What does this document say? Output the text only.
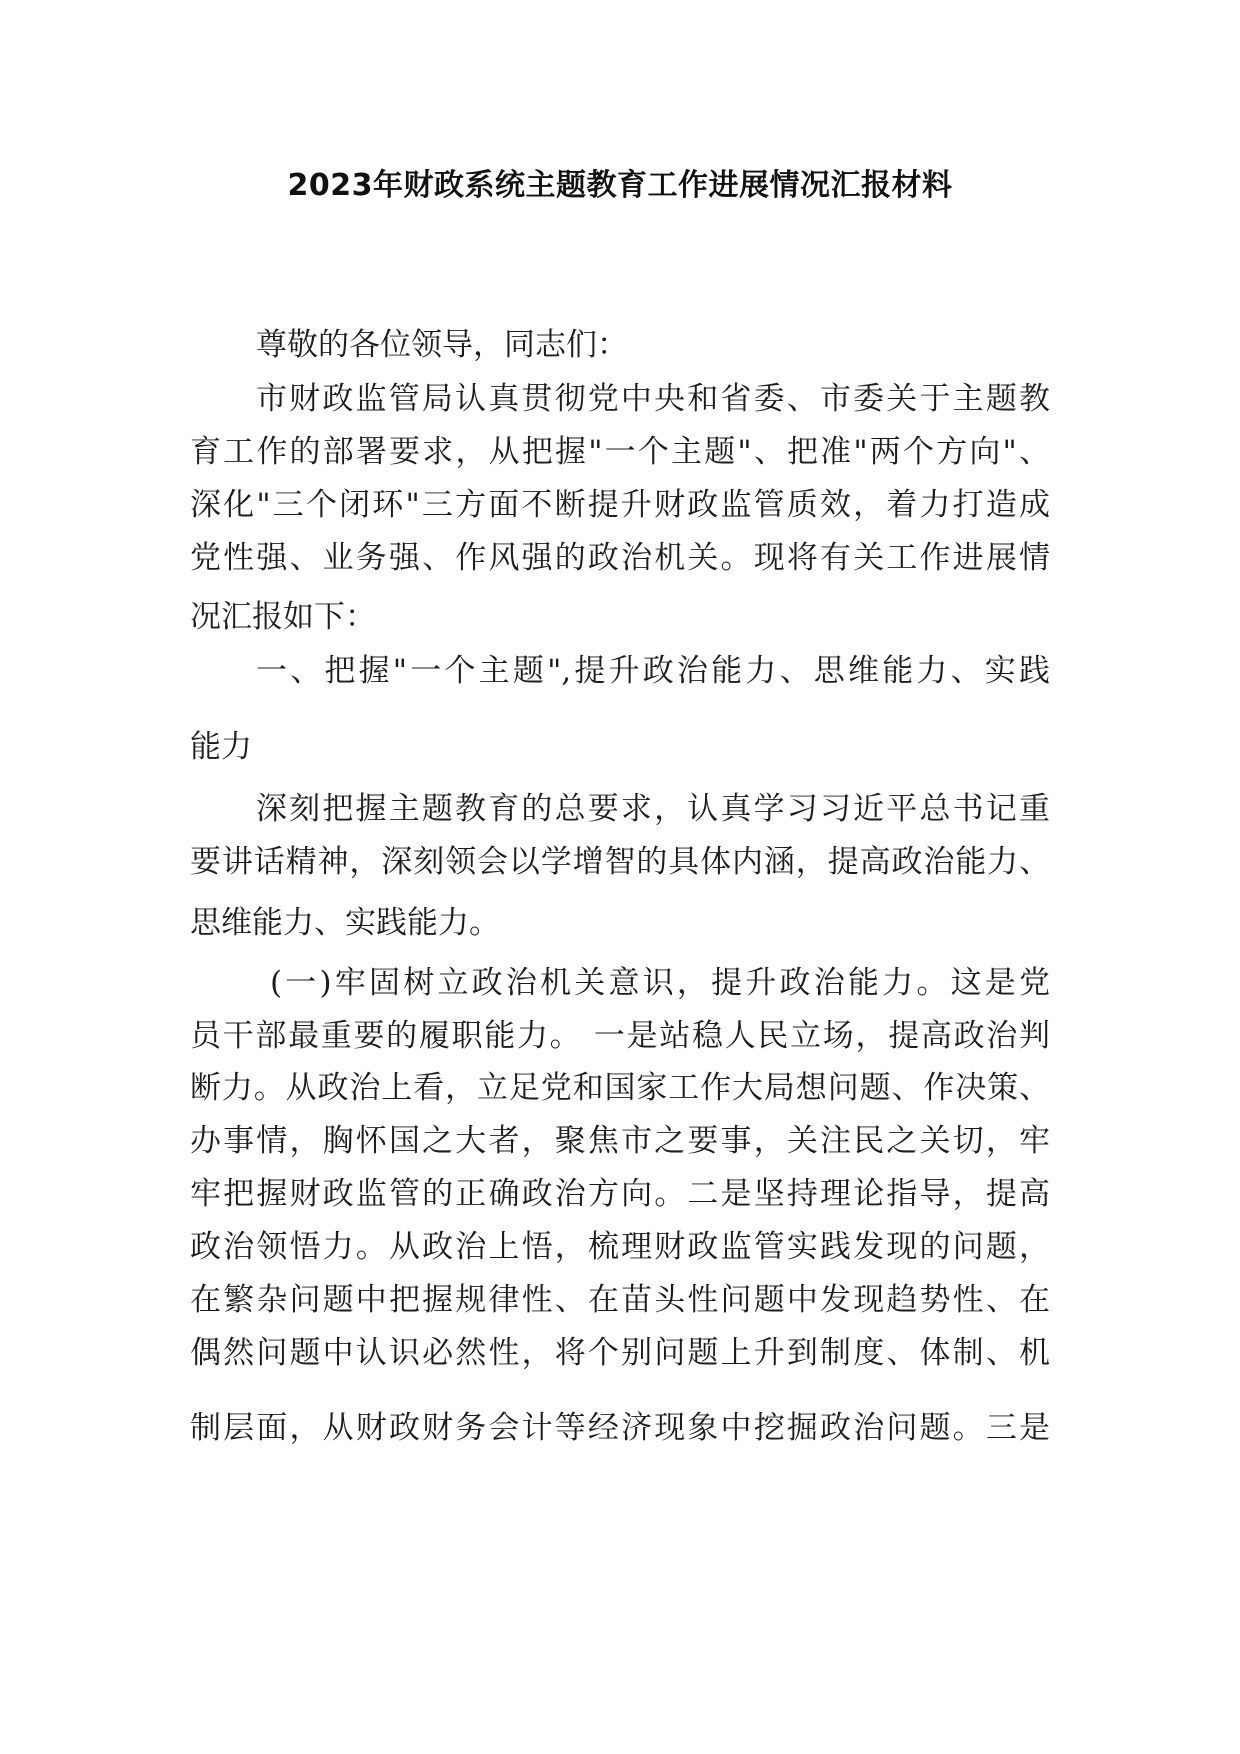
2023年财政系统主题教育工作进展情况汇报材料
尊敬的各位领导，同志们：
市财政监管局认真贯彻党中央和省委、市委关于主题教
育工作的部署要求，从把握"一个主题"、把准"两个方向"、
深化"三个闭环"三方面不断提升财政监管质效，着力打造成
党性强、业务强、作风强的政治机关。现将有关工作进展情
况汇报如下：
一、把握"一个主题",提升政治能力、思维能力、实践
能力
深刻把握主题教育的总要求，认真学习习近平总书记重
要讲话精神，深刻领会以学增智的具体内涵，提高政治能力、
思维能力、实践能力。
(一)牢固树立政治机关意识，提升政治能力。这是党
员干部最重要的履职能力。 一是站稳人民立场，提高政治判
断力。从政治上看，立足党和国家工作大局想问题、作决策、
办事情，胸怀国之大者，聚焦市之要事，关注民之关切，牢
牢把握财政监管的正确政治方向。二是坚持理论指导，提高
政治领悟力。从政治上悟，梳理财政监管实践发现的问题，
在繁杂问题中把握规律性、在苗头性问题中发现趋势性、在
偶然问题中认识必然性，将个别问题上升到制度、体制、机
制层面，从财政财务会计等经济现象中挖掘政治问题。三是
